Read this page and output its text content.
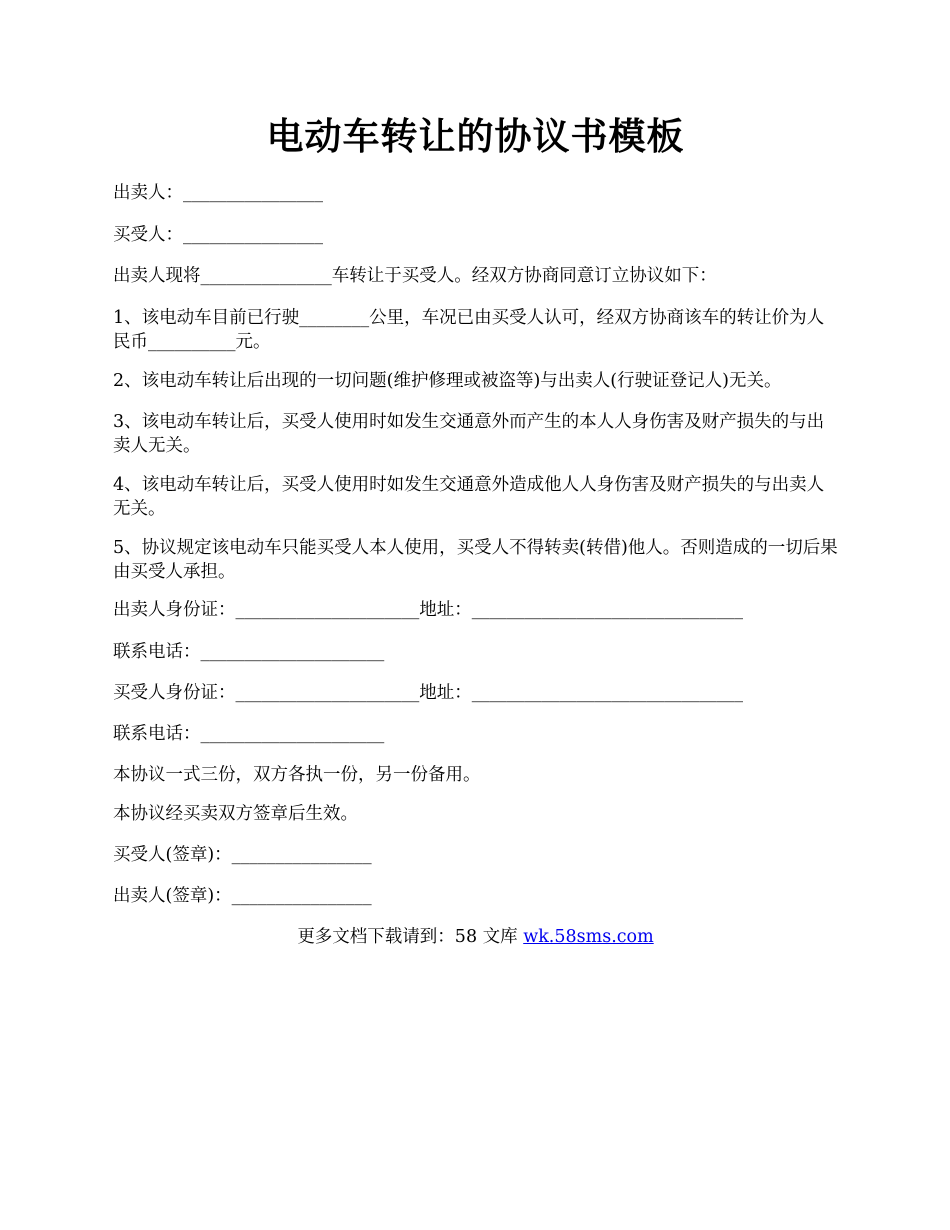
电动车转让的协议书模板
出卖人：________________
买受人：________________
出卖人现将_______________车转让于买受人。经双方协商同意订立协议如下：
1、该电动车目前已行驶________公里，车况已由买受人认可，经双方协商该车的转让价为人民币__________元。
2、该电动车转让后出现的一切问题(维护修理或被盗等)与出卖人(行驶证登记人)无关。
3、该电动车转让后，买受人使用时如发生交通意外而产生的本人人身伤害及财产损失的与出卖人无关。
4、该电动车转让后，买受人使用时如发生交通意外造成他人人身伤害及财产损失的与出卖人无关。
5、协议规定该电动车只能买受人本人使用，买受人不得转卖(转借)他人。否则造成的一切后果由买受人承担。
出卖人身份证：_____________________地址：_______________________________
联系电话：_____________________
买受人身份证：_____________________地址：_______________________________
联系电话：_____________________
本协议一式三份，双方各执一份，另一份备用。
本协议经买卖双方签章后生效。
买受人(签章)：________________
出卖人(签章)：________________
更多文档下载请到：58 文库 wk.58sms.com
